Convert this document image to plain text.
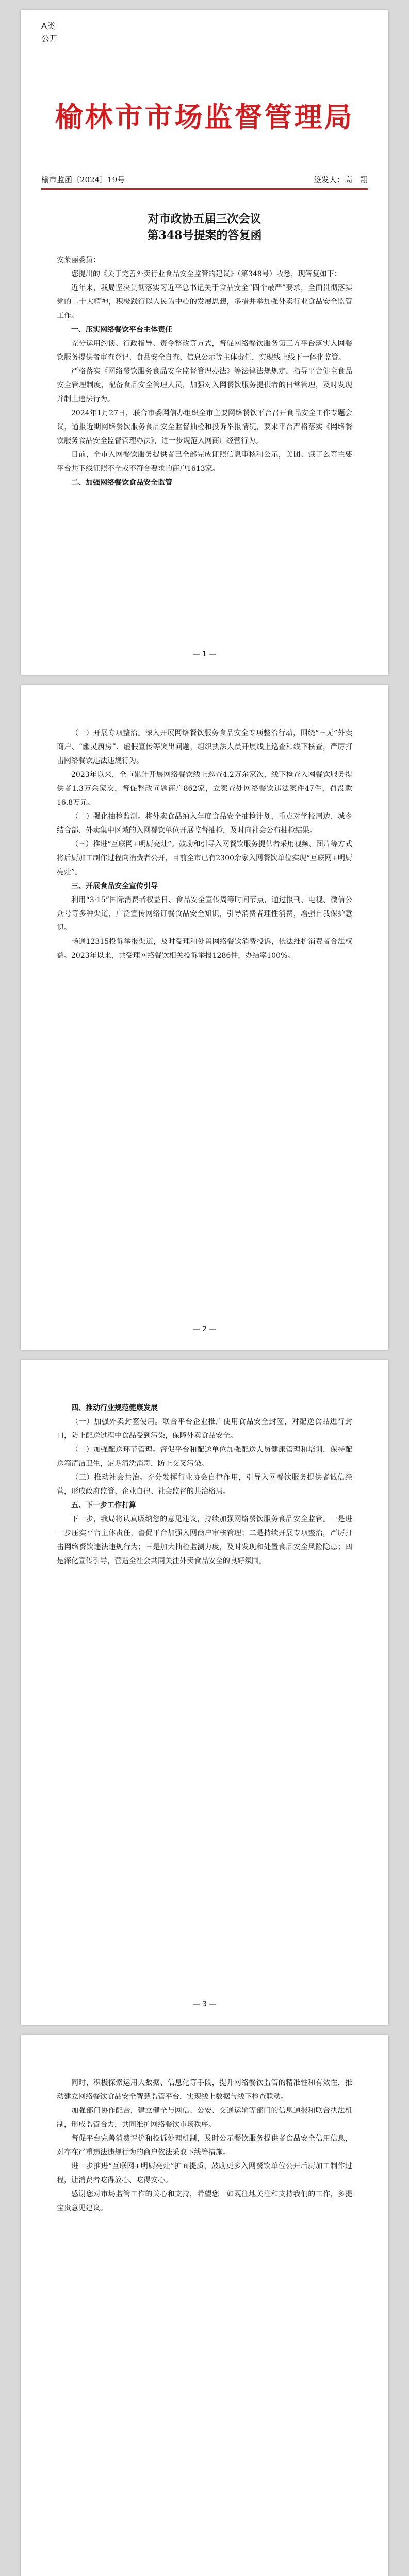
A类
公开
榆林市市场监督管理局
榆市监函〔2024〕19号	签发人：高　翔
对市政协五届三次会议
第348号提案的答复函

安莱丽委员：

您提出的《关于完善外卖行业食品安全监管的建议》（第348号）收悉，现答复如下：

近年来，我局坚决贯彻落实习近平总书记关于食品安全“四个最严”要求，全面贯彻落实党的二十大精神，积极践行以人民为中心的发展思想，多措并举加强外卖行业食品安全监管工作。

一、压实网络餐饮平台主体责任

充分运用约谈、行政指导、责令整改等方式，督促网络餐饮服务第三方平台落实入网餐饮服务提供者审查登记、食品安全自查、信息公示等主体责任，实现线上线下一体化监管。

严格落实《网络餐饮服务食品安全监督管理办法》等法律法规规定，指导平台健全食品安全管理制度，配备食品安全管理人员，加强对入网餐饮服务提供者的日常管理，及时发现并制止违法行为。

2024年1月27日，联合市委网信办组织全市主要网络餐饮平台召开食品安全工作专题会议，通报近期网络餐饮服务食品安全监督抽检和投诉举报情况，要求平台严格落实《网络餐饮服务食品安全监督管理办法》，进一步规范入网商户经营行为。

目前，全市入网餐饮服务提供者已全部完成证照信息审核和公示，美团、饿了么等主要平台共下线证照不全或不符合要求的商户1613家。

二、加强网络餐饮食品安全监管

— 1 —

（一）开展专项整治。深入开展网络餐饮服务食品安全专项整治行动，围绕“三无”外卖商户、“幽灵厨房”、虚假宣传等突出问题，组织执法人员开展线上巡查和线下核查，严厉打击网络餐饮违法违规行为。

2023年以来，全市累计开展网络餐饮线上巡查4.2万余家次，线下检查入网餐饮服务提供者1.3万余家次，督促整改问题商户862家，立案查处网络餐饮违法案件47件，罚没款16.8万元。

（二）强化抽检监测。将外卖食品纳入年度食品安全抽检计划，重点对学校周边、城乡结合部、外卖集中区域的入网餐饮单位开展监督抽检，及时向社会公布抽检结果。

（三）推进“互联网+明厨亮灶”。鼓励和引导入网餐饮服务提供者采用视频、图片等方式将后厨加工制作过程向消费者公开，目前全市已有2300余家入网餐饮单位实现“互联网+明厨亮灶”。

三、开展食品安全宣传引导

利用“3·15”国际消费者权益日、食品安全宣传周等时间节点，通过报刊、电视、微信公众号等多种渠道，广泛宣传网络订餐食品安全知识，引导消费者理性消费，增强自我保护意识。

畅通12315投诉举报渠道，及时受理和处置网络餐饮消费投诉，依法维护消费者合法权益。2023年以来，共受理网络餐饮相关投诉举报1286件，办结率100%。

— 2 —

四、推动行业规范健康发展

（一）加强外卖封签使用。联合平台企业推广使用食品安全封签，对配送食品进行封口，防止配送过程中食品受到污染，保障外卖食品安全。

（二）加强配送环节管理。督促平台和配送单位加强配送人员健康管理和培训，保持配送箱清洁卫生，定期清洗消毒，防止交叉污染。

（三）推动社会共治。充分发挥行业协会自律作用，引导入网餐饮服务提供者诚信经营，形成政府监管、企业自律、社会监督的共治格局。

五、下一步工作打算

下一步，我局将认真吸纳您的意见建议，持续加强网络餐饮服务食品安全监管。一是进一步压实平台主体责任，督促平台加强入网商户审核管理；二是持续开展专项整治，严厉打击网络餐饮违法违规行为；三是加大抽检监测力度，及时发现和处置食品安全风险隐患；四是深化宣传引导，营造全社会共同关注外卖食品安全的良好氛围。

— 3 —

同时，积极探索运用大数据、信息化等手段，提升网络餐饮监管的精准性和有效性，推动建立网络餐饮食品安全智慧监管平台，实现线上数据与线下检查联动。

加强部门协作配合，建立健全与网信、公安、交通运输等部门的信息通报和联合执法机制，形成监管合力，共同维护网络餐饮市场秩序。

督促平台完善消费评价和投诉处理机制，及时公示餐饮服务提供者食品安全信用信息，对存在严重违法违规行为的商户依法采取下线等措施。

进一步推进“互联网+明厨亮灶”扩面提质，鼓励更多入网餐饮单位公开后厨加工制作过程，让消费者吃得放心、吃得安心。

感谢您对市场监管工作的关心和支持，希望您一如既往地关注和支持我们的工作，多提宝贵意见建议。
